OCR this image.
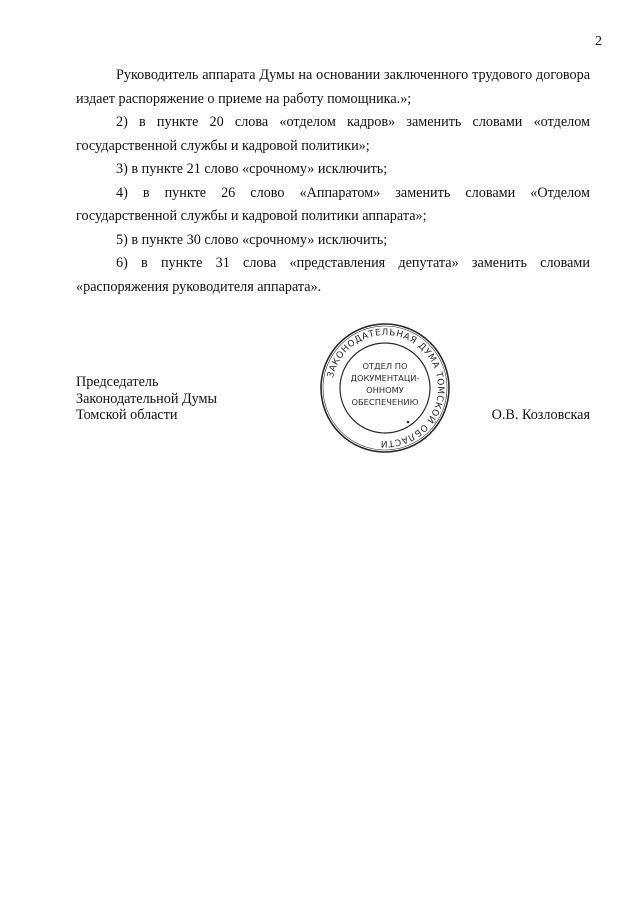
2

Руководитель аппарата Думы на основании заключенного трудового договора издает распоряжение о приеме на работу помощника.»;

2) в пункте 20 слова «отделом кадров» заменить словами «отделом государственной службы и кадровой политики»;

3) в пункте 21 слово «срочному» исключить;

4) в пункте 26 слово «Аппаратом» заменить словами «Отделом государственной службы и кадровой политики аппарата»;

5) в пункте 30 слово «срочному» исключить;

6) в пункте 31 слова «представления депутата» заменить словами «распоряжения руководителя аппарата».

Председатель
Законодательной Думы
Томской области	О.В. Козловская
ЗАКОНОДАТЕЛЬНАЯ ДУМА ТОМСКОЙ ОБЛАСТИ
ОТДЕЛ ПО
ДОКУМЕНТАЦИ-
ОННОМУ
ОБЕСПЕЧЕНИЮ
